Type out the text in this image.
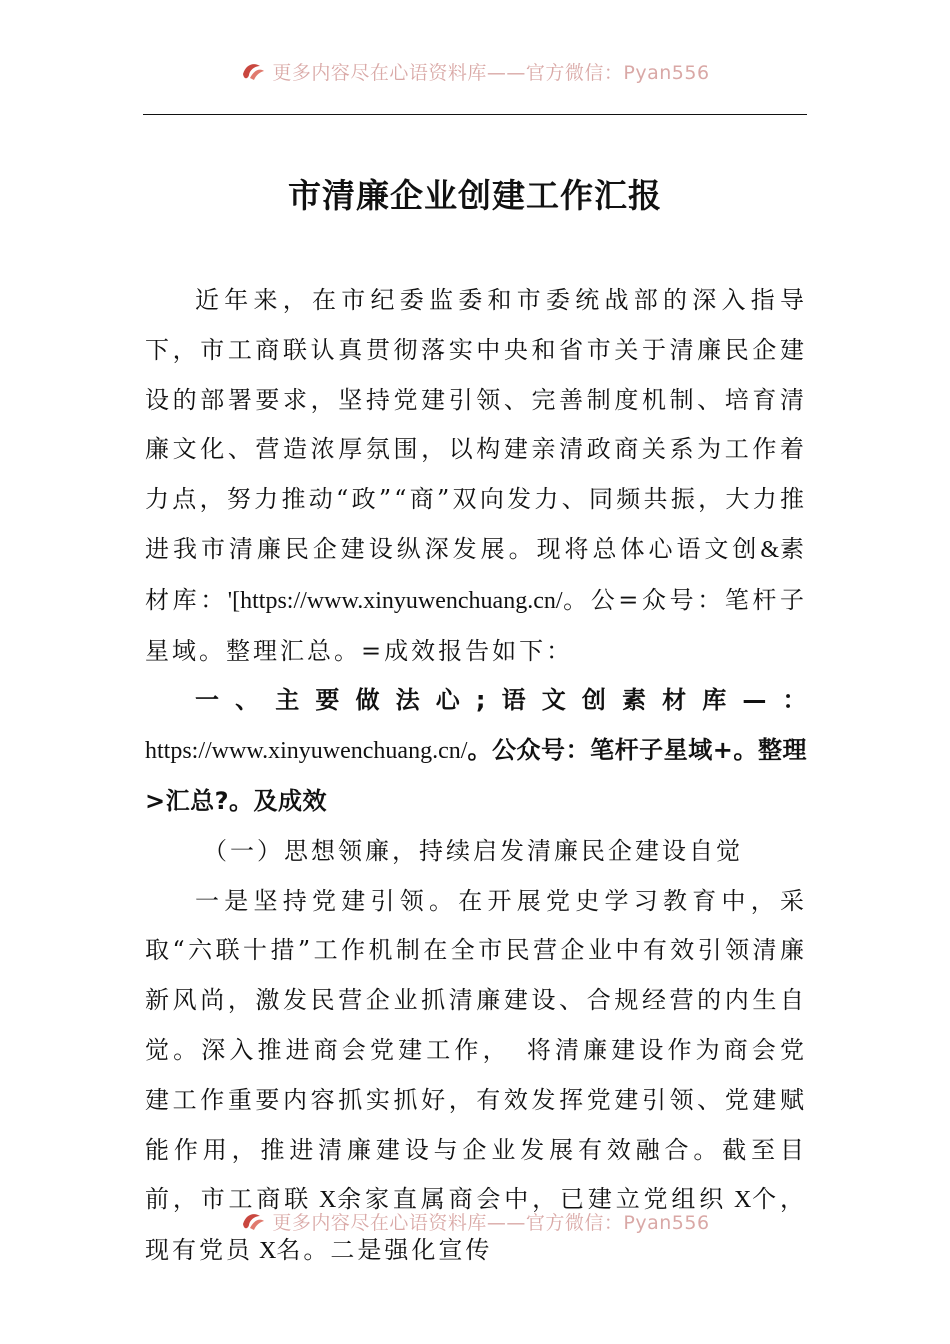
更多内容尽在心语资料库——官方微信：Pyan556
市清廉企业创建工作汇报

近年来，在市纪委监委和市委统战部的深入指导下，市工商联认真贯彻落实中央和省市关于清廉民企建设的部署要求，坚持党建引领、完善制度机制、培育清廉文化、营造浓厚氛围，以构建亲清政商关系为工作着力点，努力推动“政”“商”双向发力、同频共振，大力推进我市清廉民企建设纵深发展。现将总体心语文创&素材库：'[https://www.xinyuwenchuang.cn/。公=众号：笔杆子星域。整理汇总。=成效报告如下：

一、主要做法心;语文创素材库—：https://www.xinyuwenchuang.cn/。公众号：笔杆子星域+。整理>汇总?。及成效

（一）思想领廉，持续启发清廉民企建设自觉

一是坚持党建引领。在开展党史学习教育中，采取“六联十措”工作机制在全市民营企业中有效引领清廉新风尚，激发民营企业抓清廉建设、合规经营的内生自觉。深入推进商会党建工作，　将清廉建设作为商会党建工作重要内容抓实抓好，有效发挥党建引领、党建赋能作用，推进清廉建设与企业发展有效融合。截至目前，市工商联 X余家直属商会中，已建立党组织 X个，现有党员 X名。二是强化宣传

更多内容尽在心语资料库——官方微信：Pyan556
